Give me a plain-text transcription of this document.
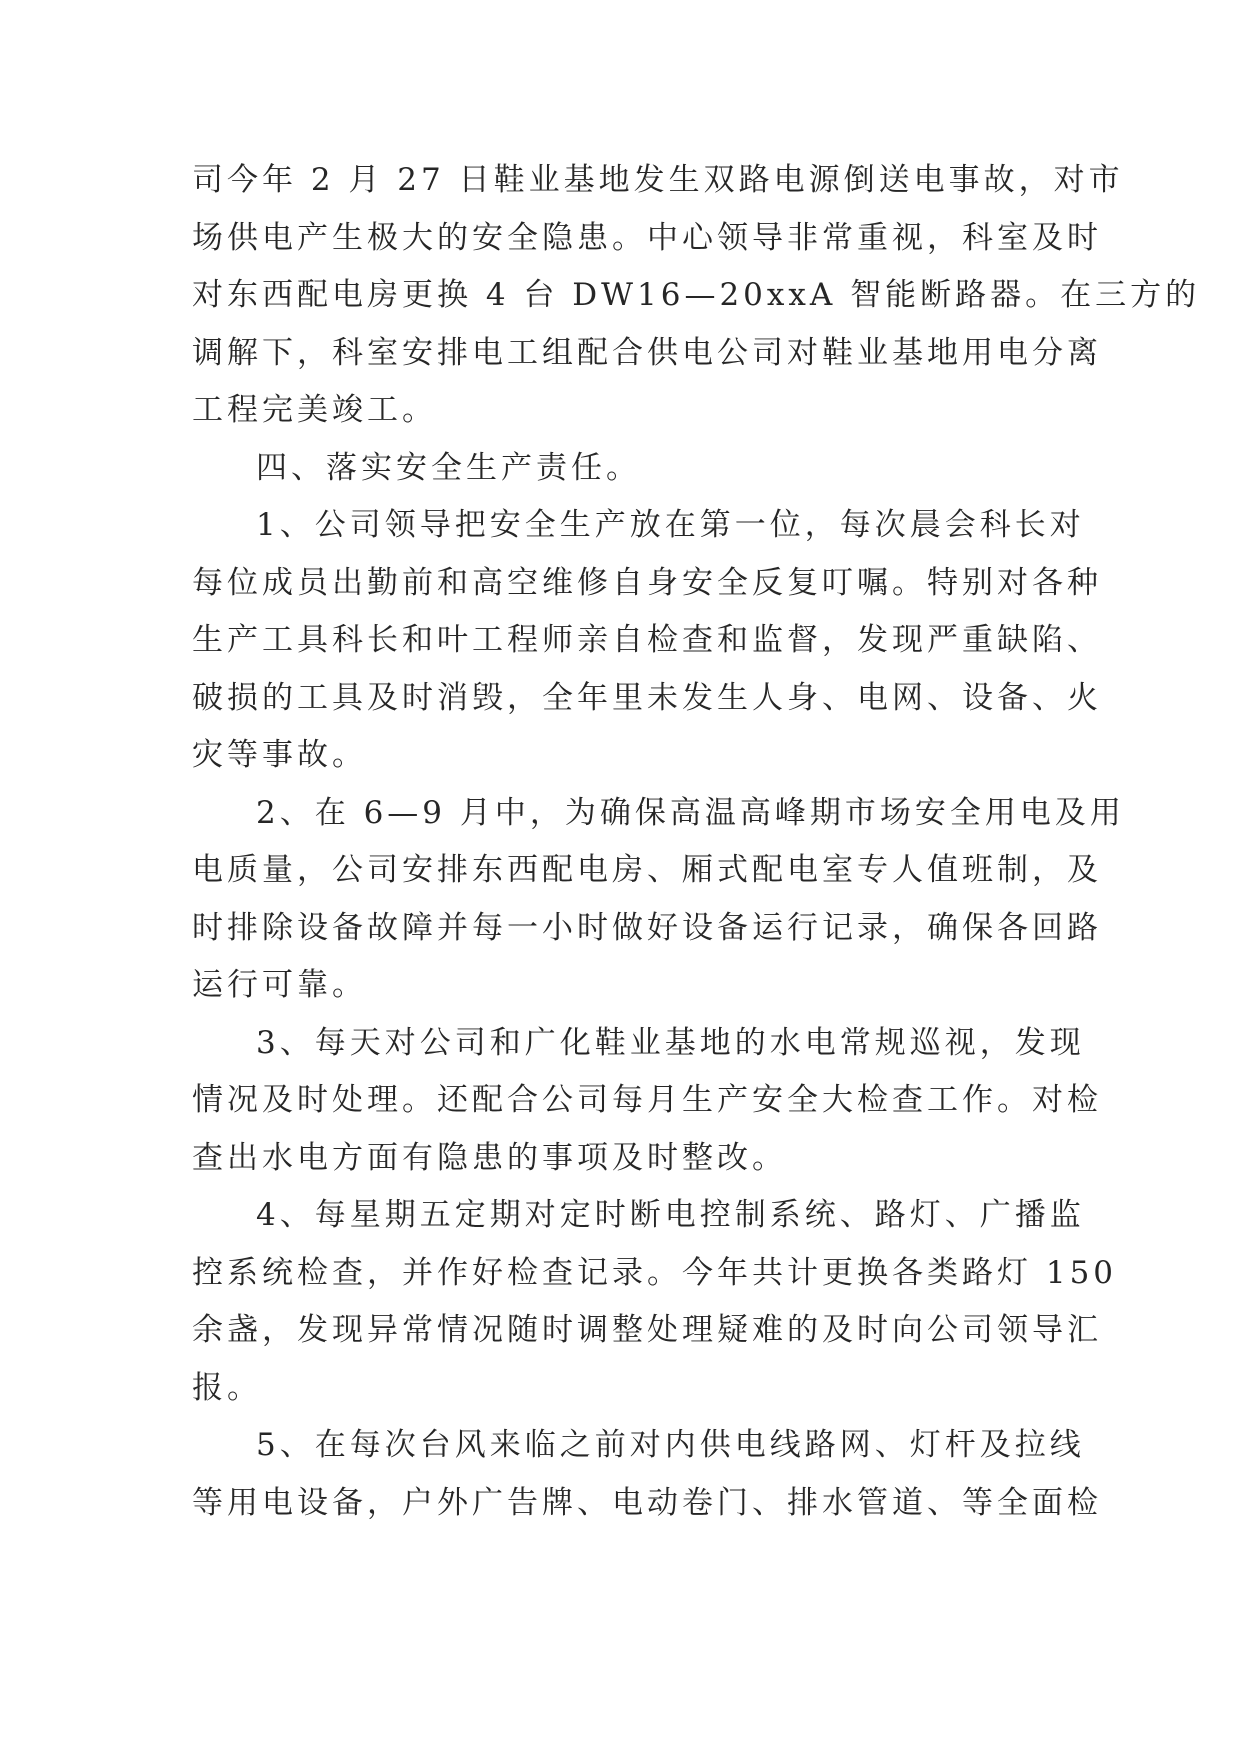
司今年 2 月 27 日鞋业基地发生双路电源倒送电事故，对市
场供电产生极大的安全隐患。中心领导非常重视，科室及时
对东西配电房更换 4 台 DW16—20xxA 智能断路器。在三方的
调解下，科室安排电工组配合供电公司对鞋业基地用电分离
工程完美竣工。
四、落实安全生产责任。
1、公司领导把安全生产放在第一位，每次晨会科长对
每位成员出勤前和高空维修自身安全反复叮嘱。特别对各种
生产工具科长和叶工程师亲自检查和监督，发现严重缺陷、
破损的工具及时消毁，全年里未发生人身、电网、设备、火
灾等事故。
2、在 6—9 月中，为确保高温高峰期市场安全用电及用
电质量，公司安排东西配电房、厢式配电室专人值班制，及
时排除设备故障并每一小时做好设备运行记录，确保各回路
运行可靠。
3、每天对公司和广化鞋业基地的水电常规巡视，发现
情况及时处理。还配合公司每月生产安全大检查工作。对检
查出水电方面有隐患的事项及时整改。
4、每星期五定期对定时断电控制系统、路灯、广播监
控系统检查，并作好检查记录。今年共计更换各类路灯 150
余盏，发现异常情况随时调整处理疑难的及时向公司领导汇
报。
5、在每次台风来临之前对内供电线路网、灯杆及拉线
等用电设备，户外广告牌、电动卷门、排水管道、等全面检
